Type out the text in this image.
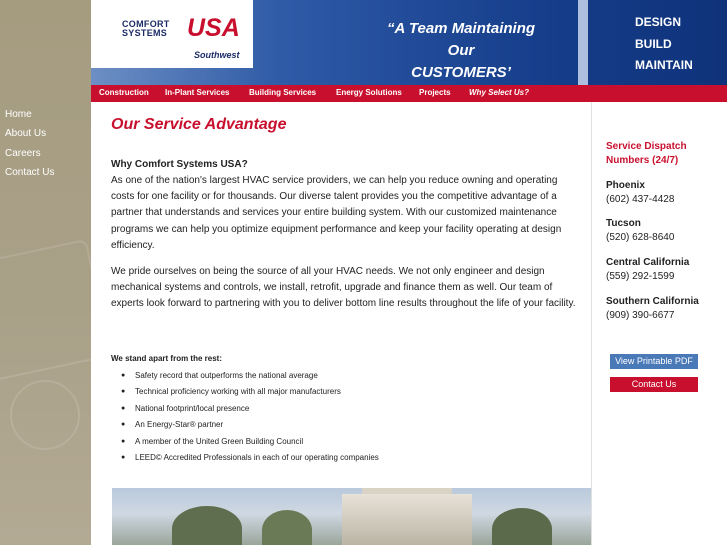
Home
About Us
Careers
Contact Us
COMFORT
SYSTEMS USA
Southwest
“A Team Maintaining Our
CUSTOMERS’
DESIGN
BUILD
MAINTAIN
Construction In-Plant Services Building Services Energy Solutions Projects Why Select Us?
Our Service Advantage
Why Comfort Systems USA?

As one of the nation's largest HVAC service providers, we can help you reduce owning and operating costs for one facility or for thousands. Our diverse talent provides you the competitive advantage of a partner that understands and services your entire building system. With our customized maintenance programs we can help you optimize equipment performance and keep your facility operating at design efficiency.

We pride ourselves on being the source of all your HVAC needs. We not only engineer and design mechanical systems and controls, we install, retrofit, upgrade and finance them as well. Our team of experts look forward to partnering with you to deliver bottom line results throughout the life of your facility.

We stand apart from the rest:
● Safety record that outperforms the national average
● Technical proficiency working with all major manufacturers
● National footprint/local presence
● An Energy-Star® partner
● A member of the United Green Building Council
● LEED© Accredited Professionals in each of our operating companies
Service Dispatch
Numbers (24/7)
Phoenix
(602) 437-4428
Tucson
(520) 628-8640
Central California
(559) 292-1599
Southern California
(909) 390-6677
View Printable PDF
Contact Us
